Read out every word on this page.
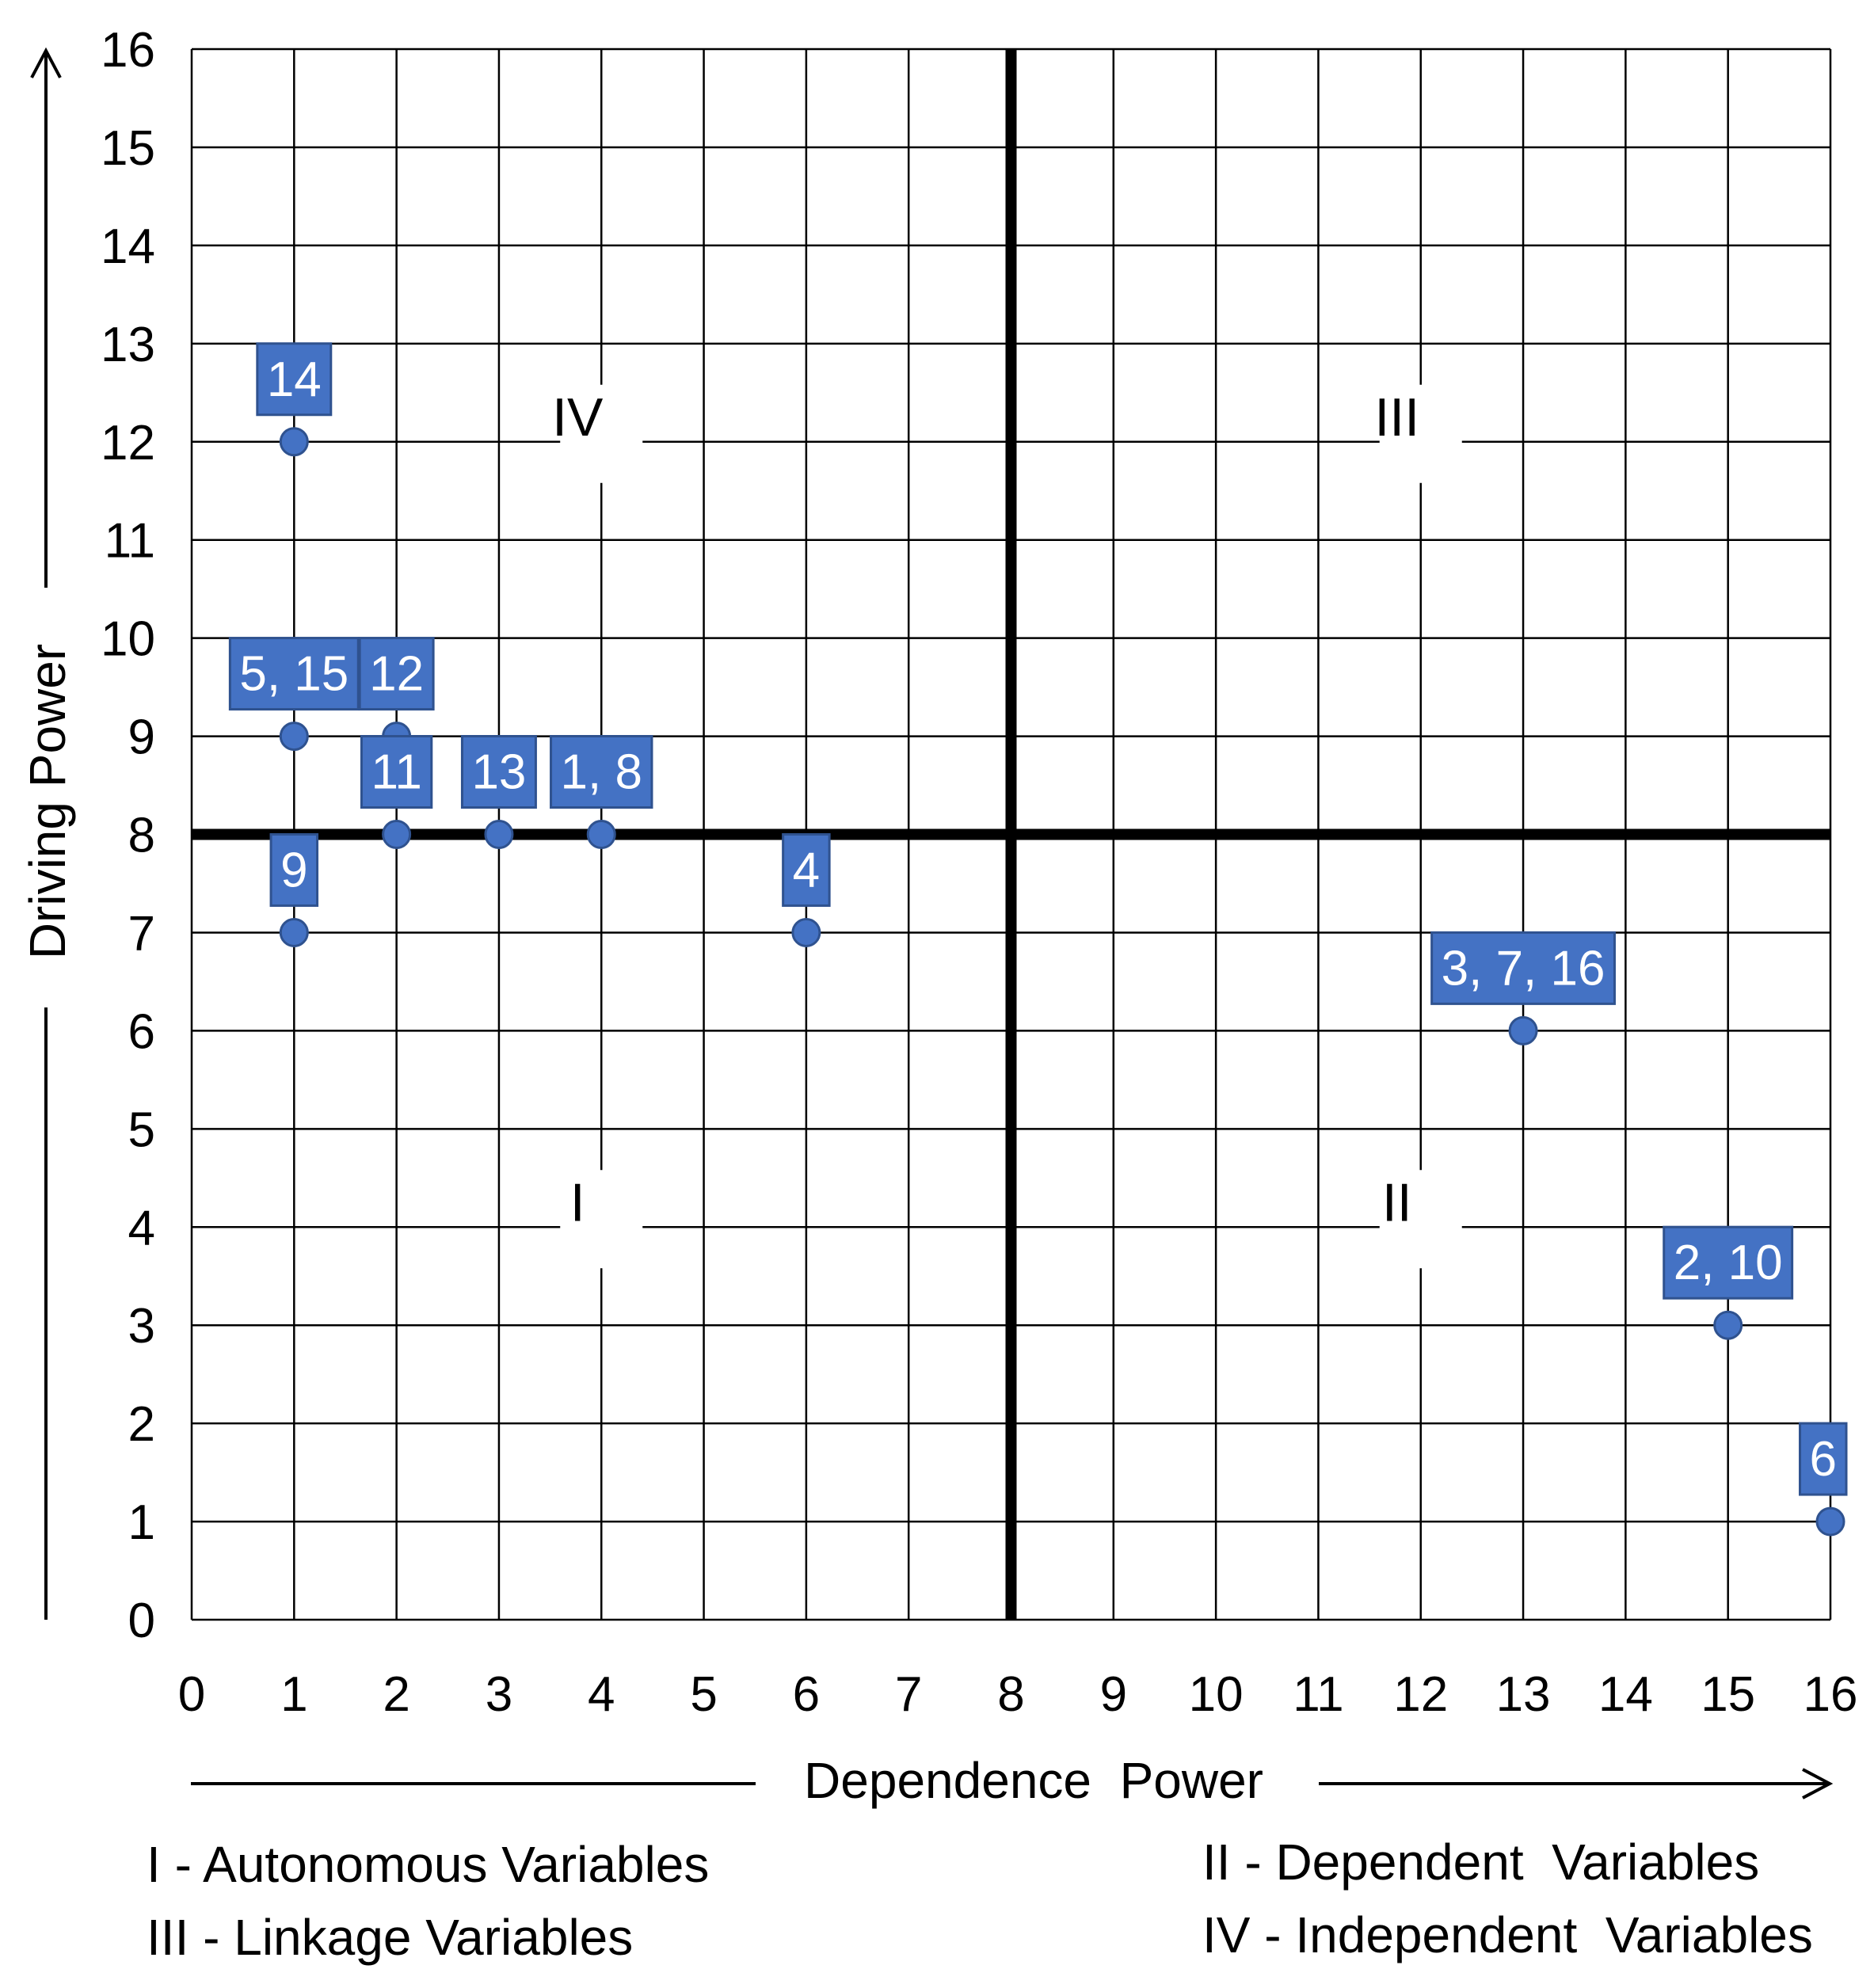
IV	III
I	II
0 1 2 3 4 5 6 7 8 9 10 11 12 13 14 15 16
0
1
2
3
4
5
6
7
8
9
10
11
12
13
14
15
16
Dependence  Power
Driving Power
14
5, 15 12
11 13 1, 8
9	4
3, 7, 16
2, 10
6
I - Autonomous Variables
III - Linkage Variables
II - Dependent  Variables
IV - Independent  Variables
